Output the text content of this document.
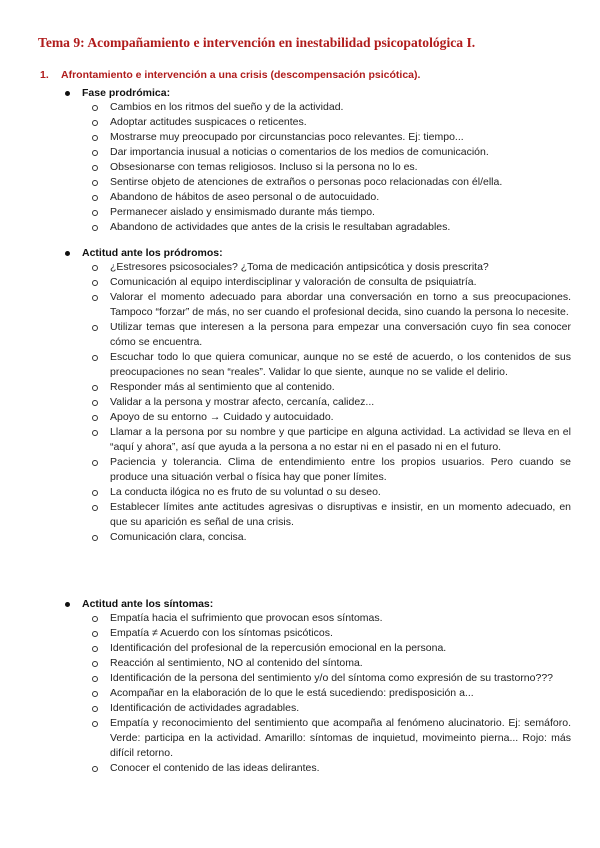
Tema 9: Acompañamiento e intervención en inestabilidad psicopatológica I.
1. Afrontamiento e intervención a una crisis (descompensación psicótica).
Fase prodrómica:
Cambios en los ritmos del sueño y de la actividad.
Adoptar actitudes suspicaces o reticentes.
Mostrarse muy preocupado por circunstancias poco relevantes. Ej: tiempo...
Dar importancia inusual a noticias o comentarios de los medios de comunicación.
Obsesionarse con temas religiosos. Incluso si la persona no lo es.
Sentirse objeto de atenciones de extraños o personas poco relacionadas con él/ella.
Abandono de hábitos de aseo personal o de autocuidado.
Permanecer aislado y ensimismado durante más tiempo.
Abandono de actividades que antes de la crisis le resultaban agradables.
Actitud ante los pródromos:
¿Estresores psicosociales? ¿Toma de medicación antipsicótica y dosis prescrita?
Comunicación al equipo interdisciplinar y valoración de consulta de psiquiatría.
Valorar el momento adecuado para abordar una conversación en torno a sus preocupaciones. Tampoco “forzar” de más, no ser cuando el profesional decida, sino cuando la persona lo necesite.
Utilizar temas que interesen a la persona para empezar una conversación cuyo fin sea conocer cómo se encuentra.
Escuchar todo lo que quiera comunicar, aunque no se esté de acuerdo, o los contenidos de sus preocupaciones no sean “reales”. Validar lo que siente, aunque no se valide el delirio.
Responder más al sentimiento que al contenido.
Validar a la persona y mostrar afecto, cercanía, calidez...
Apoyo de su entorno → Cuidado y autocuidado.
Llamar a la persona por su nombre y que participe en alguna actividad. La actividad se lleva en el “aquí y ahora”, así que ayuda a la persona a no estar ni en el pasado ni en el futuro.
Paciencia y tolerancia. Clima de entendimiento entre los propios usuarios. Pero cuando se produce una situación verbal o física hay que poner límites.
La conducta ilógica no es fruto de su voluntad o su deseo.
Establecer límites ante actitudes agresivas o disruptivas e insistir, en un momento adecuado, en que su aparición es señal de una crisis.
Comunicación clara, concisa.
Actitud ante los síntomas:
Empatía hacia el sufrimiento que provocan esos síntomas.
Empatía ≠ Acuerdo con los síntomas psicóticos.
Identificación del profesional de la repercusión emocional en la persona.
Reacción al sentimiento, NO al contenido del síntoma.
Identificación de la persona del sentimiento y/o del síntoma como expresión de su trastorno???
Acompañar en la elaboración de lo que le está sucediendo: predisposición a...
Identificación de actividades agradables.
Empatía y reconocimiento del sentimiento que acompaña al fenómeno alucinatorio. Ej: semáforo. Verde: participa en la actividad. Amarillo: síntomas de inquietud, movimeinto pierna... Rojo: más difícil retorno.
Conocer el contenido de las ideas delirantes.
